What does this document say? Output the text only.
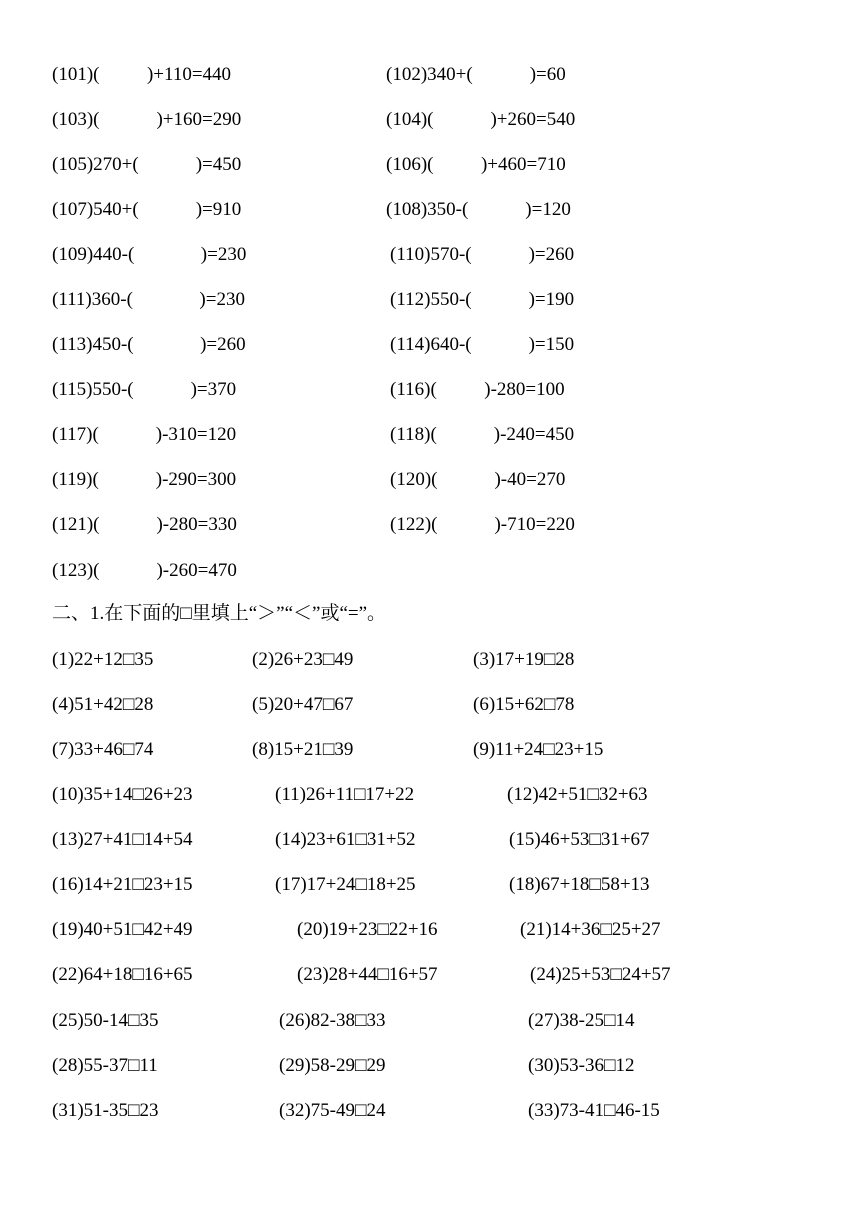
(101)(          )+110=440	(102)340+(            )=60
(103)(            )+160=290	(104)(            )+260=540
(105)270+(            )=450	(106)(          )+460=710
(107)540+(            )=910	(108)350-(            )=120
(109)440-(              )=230	(110)570-(            )=260
(111)360-(              )=230	(112)550-(            )=190
(113)450-(              )=260	(114)640-(            )=150
(115)550-(            )=370	(116)(          )-280=100
(117)(            )-310=120	(118)(            )-240=450
(119)(            )-290=300	(120)(            )-40=270
(121)(            )-280=330	(122)(            )-710=220
(123)(            )-260=470
二、1.在下面的□里填上“＞”“＜”或“=”。
(1)22+12□35	(2)26+23□49	(3)17+19□28
(4)51+42□28	(5)20+47□67	(6)15+62□78
(7)33+46□74	(8)15+21□39	(9)11+24□23+15
(10)35+14□26+23	(11)26+11□17+22	(12)42+51□32+63
(13)27+41□14+54	(14)23+61□31+52	(15)46+53□31+67
(16)14+21□23+15	(17)17+24□18+25	(18)67+18□58+13
(19)40+51□42+49	(20)19+23□22+16	(21)14+36□25+27
(22)64+18□16+65	(23)28+44□16+57	(24)25+53□24+57
(25)50-14□35	(26)82-38□33	(27)38-25□14
(28)55-37□11	(29)58-29□29	(30)53-36□12
(31)51-35□23	(32)75-49□24	(33)73-41□46-15
